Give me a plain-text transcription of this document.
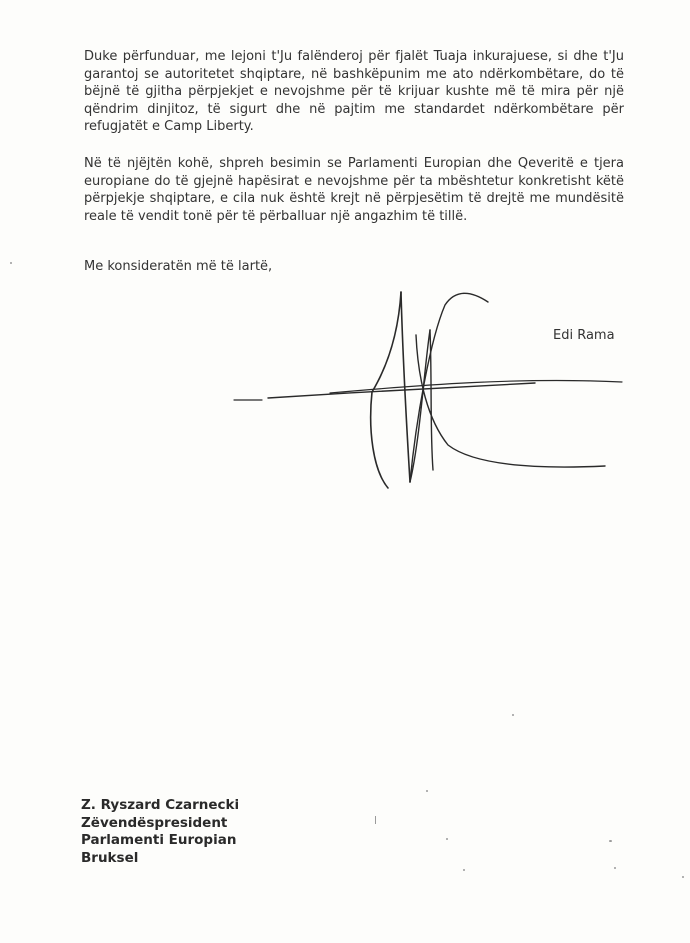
Duke përfunduar, me lejoni t'Ju falënderoj për fjalët Tuaja inkurajuese, si dhe t'Ju garantoj se autoritetet shqiptare, në bashkëpunim me ato ndërkombëtare, do të bëjnë të gjitha përpjekjet e nevojshme për të krijuar kushte më të mira për një qëndrim dinjitoz, të sigurt dhe në pajtim me standardet ndërkombëtare për refugjatët e Camp Liberty.

Në të njëjtën kohë, shpreh besimin se Parlamenti Europian dhe Qeveritë e tjera europiane do të gjejnë hapësirat e nevojshme për ta mbështetur konkretisht këtë përpjekje shqiptare, e cila nuk është krejt në përpjesëtim të drejtë me mundësitë reale të vendit tonë për të përballuar një angazhim të tillë.

Me konsideratën më të lartë,

Edi Rama
Z. Ryszard Czarnecki
Zëvendëspresident
Parlamenti Europian
Bruksel
